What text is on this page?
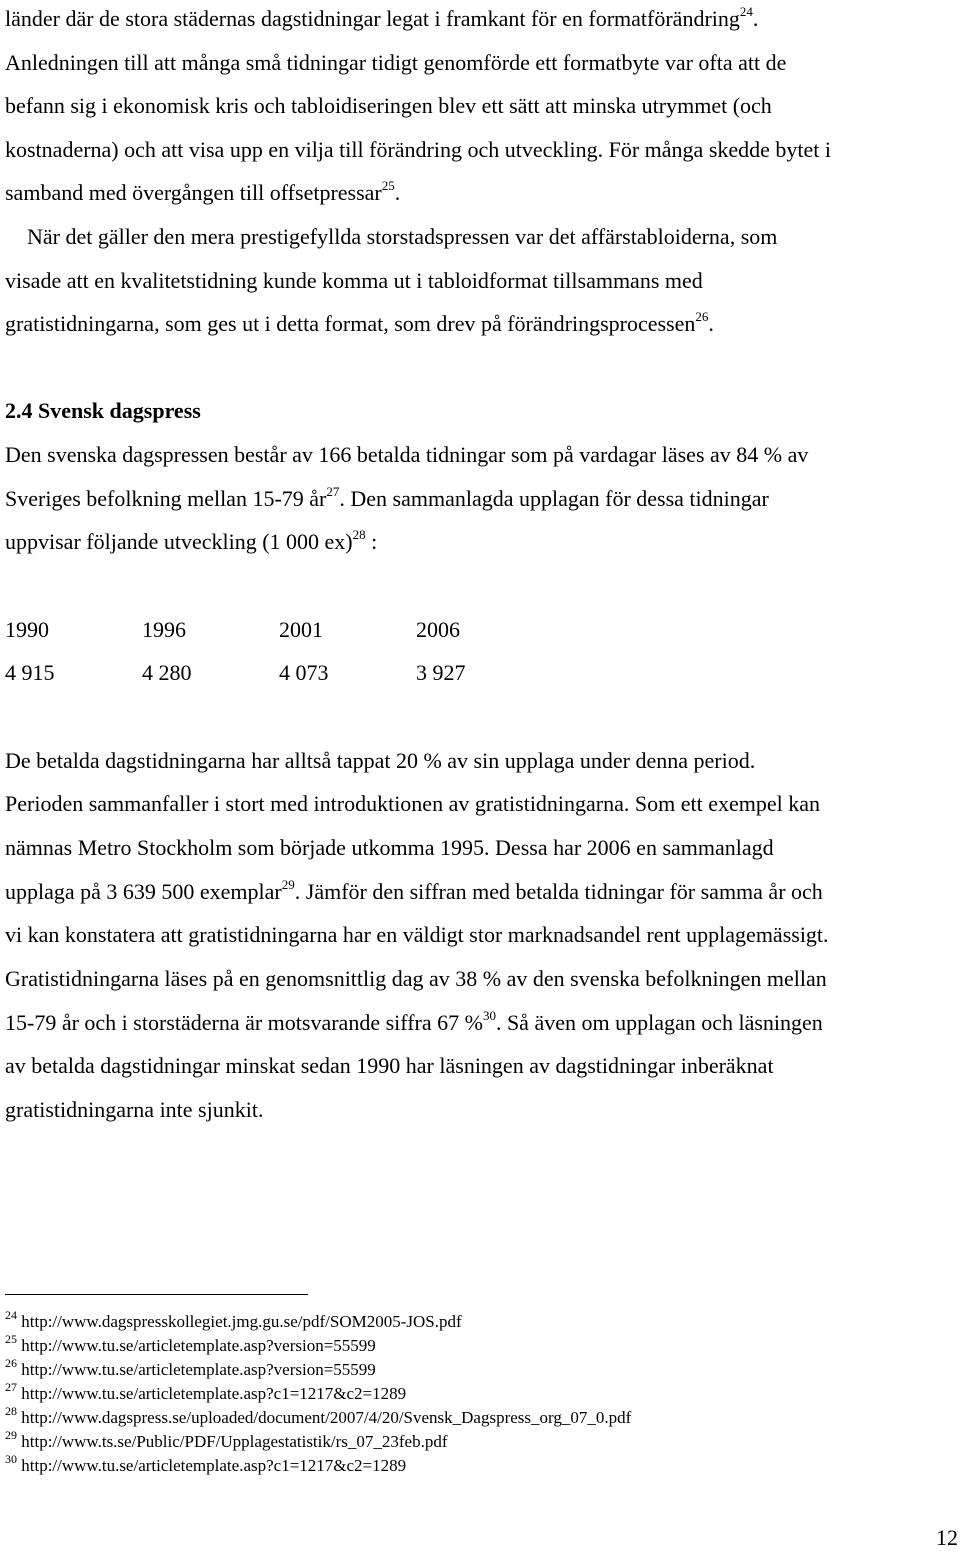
länder där de stora städernas dagstidningar legat i framkant för en formatförändring$^{24}$.
Anledningen till att många små tidningar tidigt genomförde ett formatbyte var ofta att de
befann sig i ekonomisk kris och tabloidiseringen blev ett sätt att minska utrymmet (och
kostnaderna) och att visa upp en vilja till förändring och utveckling. För många skedde bytet i
samband med övergången till offsetpressar$^{25}$.
När det gäller den mera prestigefyllda storstadspressen var det affärstabloiderna, som
visade att en kvalitetstidning kunde komma ut i tabloidformat tillsammans med
gratistidningarna, som ges ut i detta format, som drev på förändringsprocessen$^{26}$.
2.4 Svensk dagspress
Den svenska dagspressen består av 166 betalda tidningar som på vardagar läses av 84 % av
Sveriges befolkning mellan 15-79 $år^{27}$. Den sammanlagda upplagan för dessa tidningar
uppvisar följande utveckling (1 000 ex)$^{28}$ :
1990	1996	2001	2006
4 915	4 280	4 073	3 927
De betalda dagstidningarna har alltså tappat 20 % av sin upplaga under denna period.
Perioden sammanfaller i stort med introduktionen av gratistidningarna. Som ett exempel kan
nämnas Metro Stockholm som började utkomma 1995. Dessa har 2006 en sammanlagd
upplaga på 3 639 500 exemplar$^{29}$. Jämför den siffran med betalda tidningar för samma år och
vi kan konstatera att gratistidningarna har en väldigt stor marknadsandel rent upplagemässigt.
Gratistidningarna läses på en genomsnittlig dag av 38 % av den svenska befolkningen mellan
15-79 år och i storstäderna är motsvarande siffra 67 %$^{30}$. Så även om upplagan och läsningen
av betalda dagstidningar minskat sedan 1990 har läsningen av dagstidningar inberäknat
gratistidningarna inte sjunkit.
$^{24}$ http://www.dagspresskollegiet.jmg.gu.se/pdf/SOM2005-JOS.pdf
$^{25}$ http://www.tu.se/articletemplate.asp?version=55599
$^{26}$ http://www.tu.se/articletemplate.asp?version=55599
$^{27}$ http://www.tu.se/articletemplate.asp?c1=1217&c2=1289
$^{28}$ http://www.dagspress.se/uploaded/document/2007/4/20/Svensk_Dagspress_org_07_0.pdf
$^{29}$ http://www.ts.se/Public/PDF/Upplagestatistik/rs_07_23feb.pdf
$^{30}$ http://www.tu.se/articletemplate.asp?c1=1217&c2=1289
12
